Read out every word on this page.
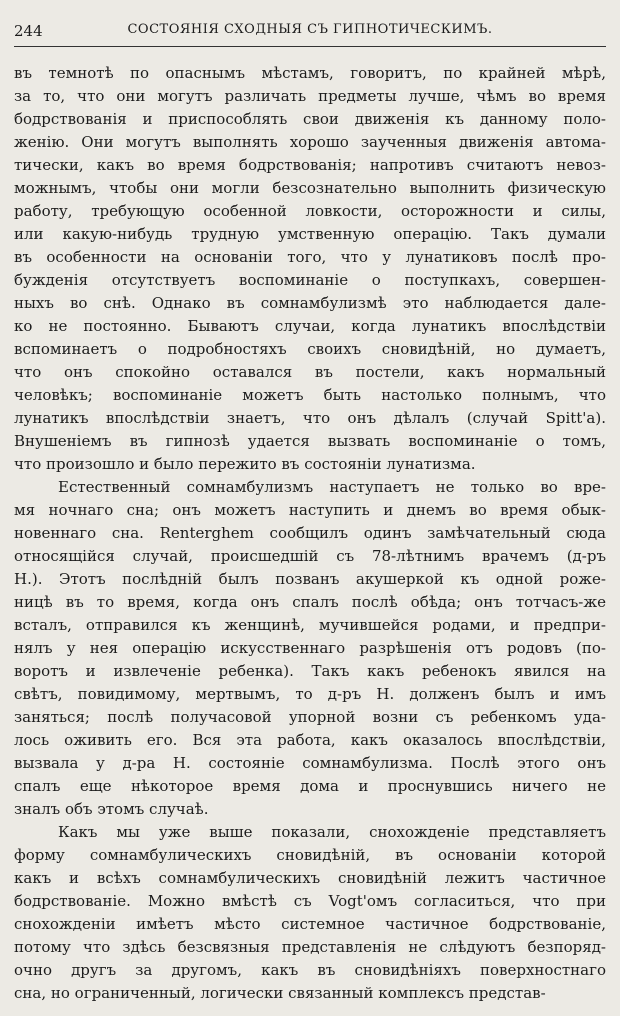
244	СОСТОЯНІЯ СХОДНЫЯ СЪ ГИПНОТИЧЕСКИМЪ.
въ темнотѣ по опаснымъ мѣстамъ, говоритъ, по крайней мѣрѣ,
за то, что они могутъ различать предметы лучше, чѣмъ во время
бодрствованія и приспособлять свои движенія къ данному поло-
женію. Они могутъ выполнять хорошо заученныя движенія автома-
тически, какъ во время бодрствованія; напротивъ считаютъ невоз-
можнымъ, чтобы они могли безсознательно выполнить физическую
работу, требующую особенной ловкости, осторожности и силы,
или какую-нибудь трудную умственную операцію. Такъ думали
въ особенности на основаніи того, что у лунатиковъ послѣ про-
бужденія отсутствуетъ воспоминаніе о поступкахъ, совершен-
ныхъ во снѣ. Однако въ сомнамбулизмѣ это наблюдается дале-
ко не постоянно. Бываютъ случаи, когда лунатикъ впослѣдствіи
вспоминаетъ о подробностяхъ своихъ сновидѣній, но думаетъ,
что онъ спокойно оставался въ постели, какъ нормальный
человѣкъ; воспоминаніе можетъ быть настолько полнымъ, что
лунатикъ впослѣдствіи знаетъ, что онъ дѣлалъ (случай Spitt'а).
Внушеніемъ въ гипнозѣ удается вызвать воспоминаніе о томъ,
что произошло и было пережито въ состояніи лунатизма.
Естественный сомнамбулизмъ наступаетъ не только во вре-
мя ночнаго сна; онъ можетъ наступить и днемъ во время обык-
новеннаго сна. Renterghem сообщилъ одинъ замѣчательный сюда
относящійся случай, происшедшій съ 78-лѣтнимъ врачемъ (д-ръ
Н.). Этотъ послѣдній былъ позванъ акушеркой къ одной роже-
ницѣ въ то время, когда онъ спалъ послѣ обѣда; онъ тотчасъ-же
всталъ, отправился къ женщинѣ, мучившейся родами, и предпри-
нялъ у нея операцію искусственнаго разрѣшенія отъ родовъ (по-
воротъ и извлеченіе ребенка). Такъ какъ ребенокъ явился на
свѣтъ, повидимому, мертвымъ, то д-ръ Н. долженъ былъ и имъ
заняться; послѣ получасовой упорной возни съ ребенкомъ уда-
лось оживить его. Вся эта работа, какъ оказалось впослѣдствіи,
вызвала у д-ра Н. состояніе сомнамбулизма. Послѣ этого онъ
спалъ еще нѣкоторое время дома и проснувшись ничего не
зналъ объ этомъ случаѣ.
Какъ мы уже выше показали, снохожденіе представляетъ
форму сомнамбулическихъ сновидѣній, въ основаніи которой
какъ и всѣхъ сомнамбулическихъ сновидѣній лежитъ частичное
бодрствованіе. Можно вмѣстѣ съ Vogt'омъ согласиться, что при
снохожденіи имѣетъ мѣсто системное частичное бодрствованіе,
потому что здѣсь безсвязныя представленія не слѣдуютъ безпоряд-
очно другъ за другомъ, какъ въ сновидѣніяхъ поверхностнаго
сна, но ограниченный, логически связанный комплексъ представ-
